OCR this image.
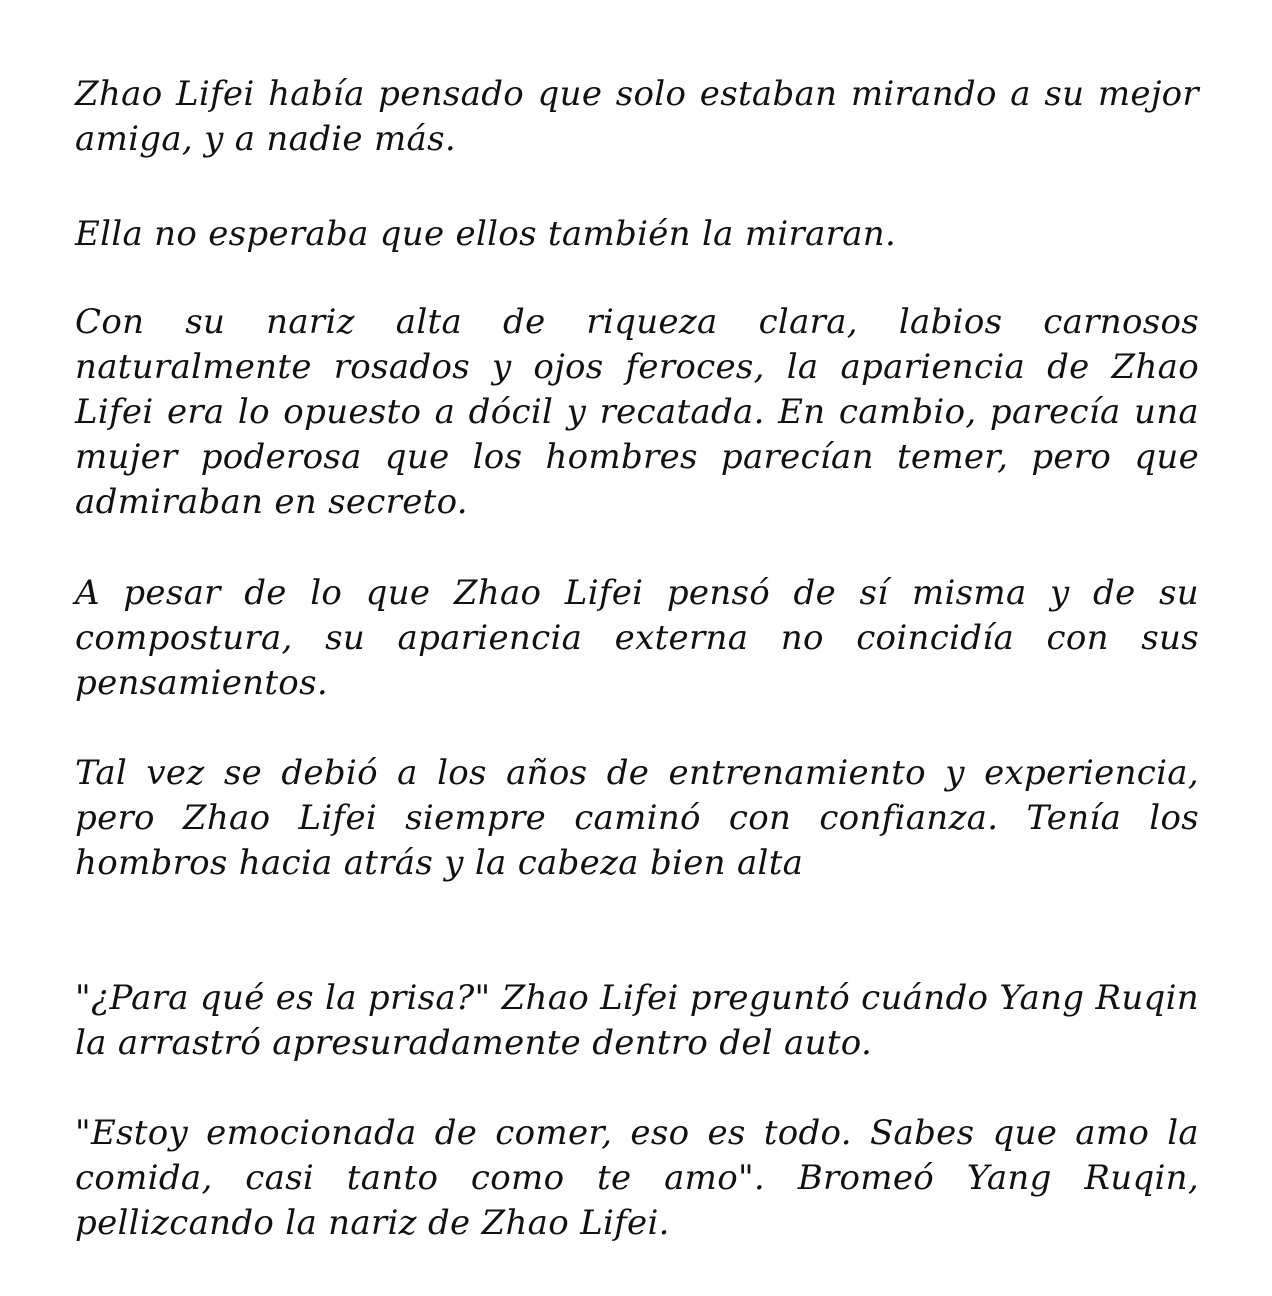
Zhao Lifei había pensado que solo estaban mirando a su mejor amiga, y a nadie más.

Ella no esperaba que ellos también la miraran.

Con su nariz alta de riqueza clara, labios carnosos naturalmente rosados y ojos feroces, la apariencia de Zhao Lifei era lo opuesto a dócil y recatada. En cambio, parecía una mujer poderosa que los hombres parecían temer, pero que admiraban en secreto.

A pesar de lo que Zhao Lifei pensó de sí misma y de su compostura, su apariencia externa no coincidía con sus pensamientos.

Tal vez se debió a los años de entrenamiento y experiencia, pero Zhao Lifei siempre caminó con confianza. Tenía los hombros hacia atrás y la cabeza bien alta

"¿Para qué es la prisa?" Zhao Lifei preguntó cuándo Yang Ruqin la arrastró apresuradamente dentro del auto.

"Estoy emocionada de comer, eso es todo. Sabes que amo la comida, casi tanto como te amo". Bromeó Yang Ruqin, pellizcando la nariz de Zhao Lifei.
